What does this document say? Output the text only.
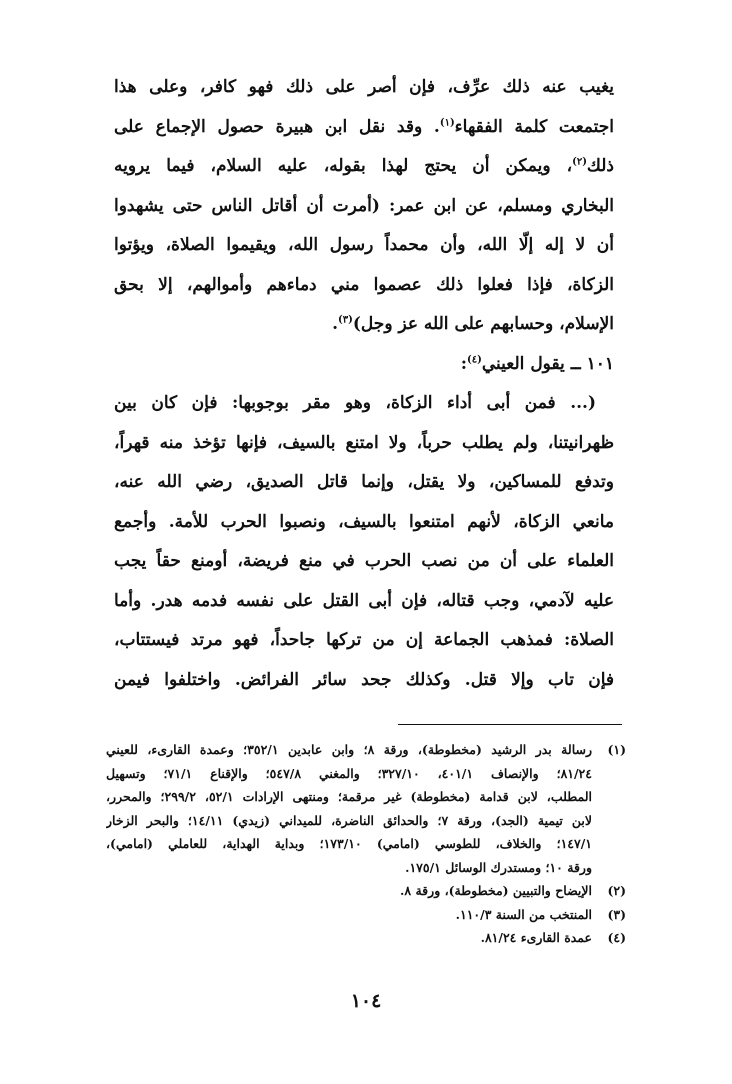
يغيب عنه ذلك عرِّف، فإن أصر على ذلك فهو كافر، وعلى هذا
اجتمعت كلمة الفقهاء$^{(١)}$. وقد نقل ابن هبيرة حصول الإجماع على
ذلك$^{(٢)}$، ويمكن أن يحتج لهذا بقوله، عليه السلام، فيما يرويه
البخاري ومسلم، عن ابن عمر: (أمرت أن أقاتل الناس حتى يشهدوا
أن لا إله إلّا الله، وأن محمداً رسول الله، ويقيموا الصلاة، ويؤتوا
الزكاة، فإذا فعلوا ذلك عصموا مني دماءهم وأموالهم، إلا بحق
الإسلام، وحسابهم على الله عز وجل)$^{(٣)}$.
١٠١ ــ يقول العيني$^{(٤)}$:
(... فمن أبى أداء الزكاة، وهو مقر بوجوبها: فإن كان بين
ظهرانيتنا، ولم يطلب حرباً، ولا امتنع بالسيف، فإنها تؤخذ منه قهراً،
وتدفع للمساكين، ولا يقتل، وإنما قاتل الصديق، رضي الله عنه،
مانعي الزكاة، لأنهم امتنعوا بالسيف، ونصبوا الحرب للأمة. وأجمع
العلماء على أن من نصب الحرب في منع فريضة، أومنع حقاً يجب
عليه لآدمي، وجب قتاله، فإن أبى القتل على نفسه فدمه هدر. وأما
الصلاة: فمذهب الجماعة إن من تركها جاحداً، فهو مرتد فيستتاب،
فإن تاب وإلا قتل. وكذلك جحد سائر الفرائض. واختلفوا فيمن
(١)
رسالة بدر الرشيد (مخطوطة)، ورقة ٨؛ وابن عابدين ٣٥٢/١؛ وعمدة القارىء، للعيني
٨١/٢٤؛ والإنصاف ٤٠١/١، ٣٢٧/١٠؛ والمغني ٥٤٧/٨؛ والإقناع ٧١/١؛ وتسهيل
المطلب، لابن قدامة (مخطوطة) غير مرقمة؛ ومنتهى الإرادات ٥٢/١، ٢٩٩/٢؛ والمحرر،
لابن تيمية (الجد)، ورقة ٧؛ والحدائق الناضرة، للميداني (زيدي) ١٤/١١؛ والبحر الزخار
١٤٧/١؛ والخلاف، للطوسي (امامي) ١٧٣/١٠؛ وبداية الهداية، للعاملي (امامي)،
ورقة ١٠؛ ومستدرك الوسائل ١٧٥/١.
(٢)
الإيضاح والتبيين (مخطوطة)، ورقة ٨.
(٣)
المنتخب من السنة ١١٠/٣.
(٤)
عمدة القارىء ٨١/٢٤.
١٠٤
